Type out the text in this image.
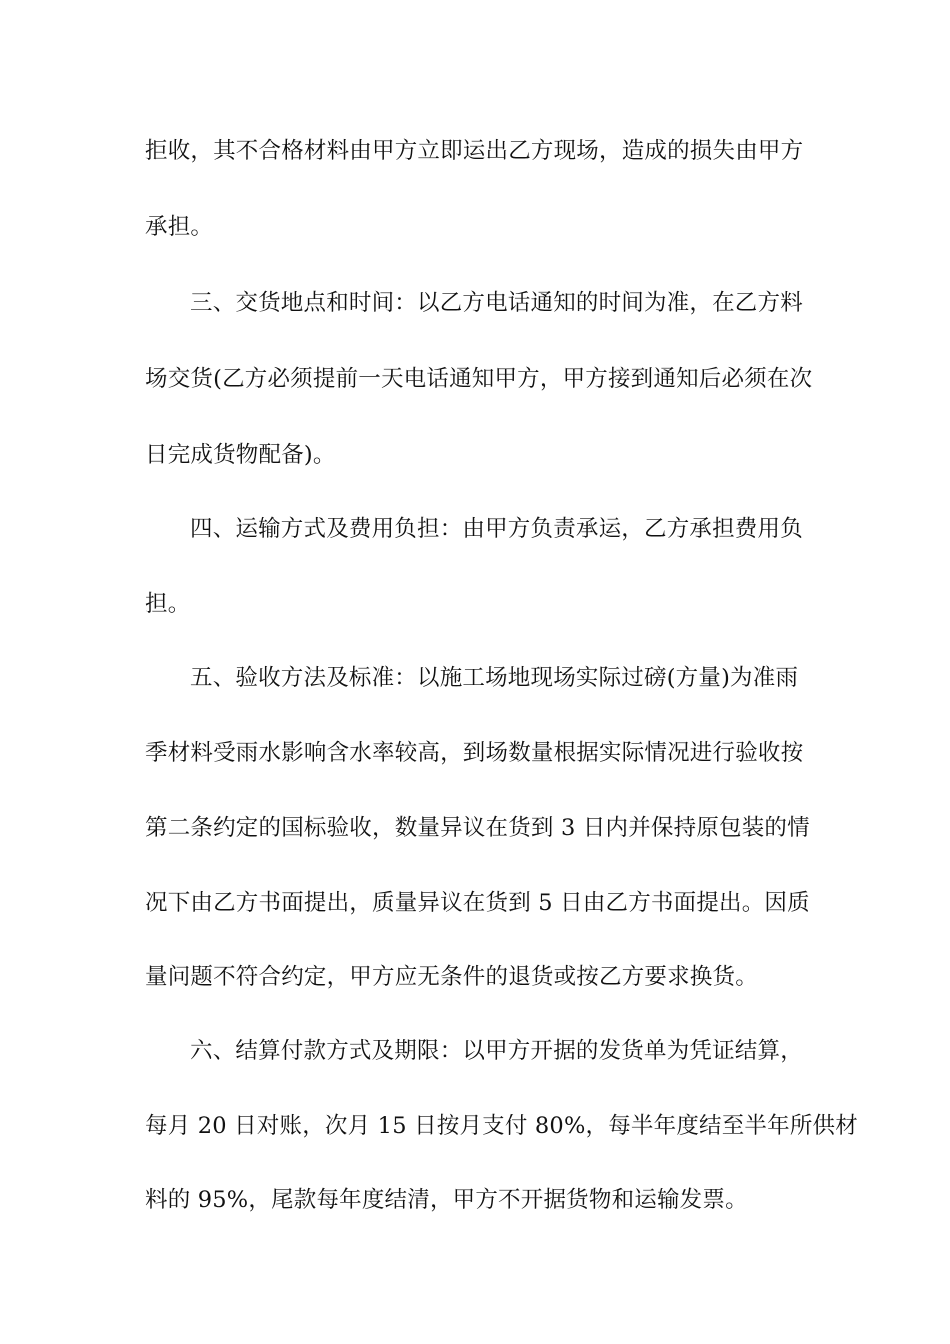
拒收，其不合格材料由甲方立即运出乙方现场，造成的损失由甲方
承担。
三、交货地点和时间：以乙方电话通知的时间为准，在乙方料
场交货(乙方必须提前一天电话通知甲方，甲方接到通知后必须在次
日完成货物配备)。
四、运输方式及费用负担：由甲方负责承运，乙方承担费用负
担。
五、验收方法及标准：以施工场地现场实际过磅(方量)为准雨
季材料受雨水影响含水率较高，到场数量根据实际情况进行验收按
第二条约定的国标验收，数量异议在货到 3 日内并保持原包装的情
况下由乙方书面提出，质量异议在货到 5 日由乙方书面提出。因质
量问题不符合约定，甲方应无条件的退货或按乙方要求换货。
六、结算付款方式及期限：以甲方开据的发货单为凭证结算，
每月 20 日对账，次月 15 日按月支付 80%，每半年度结至半年所供材
料的 95%，尾款每年度结清，甲方不开据货物和运输发票。
